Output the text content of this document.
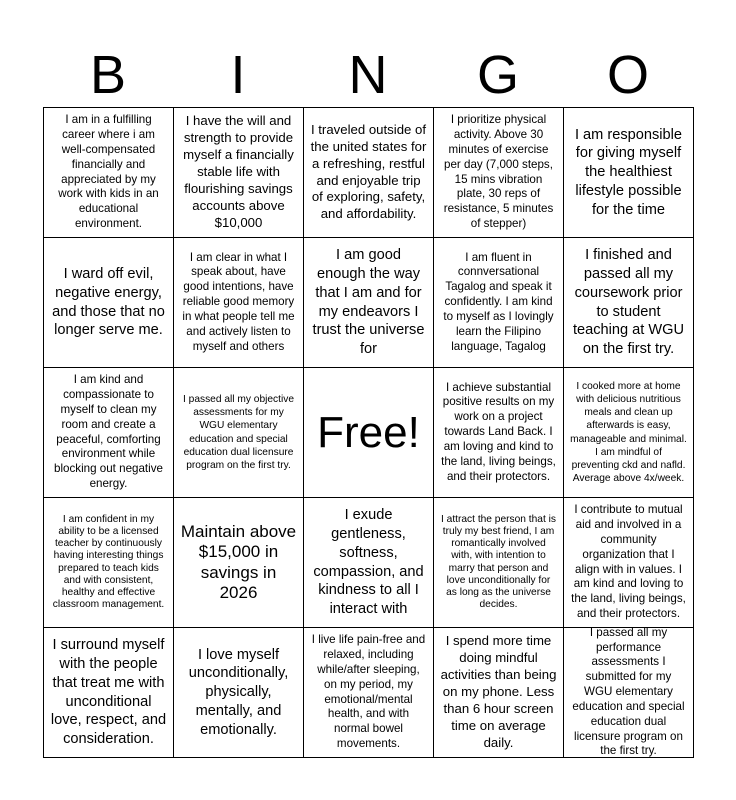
B	I	N	G	O
I am in a fulfilling career where i am well-compensated financially and appreciated by my work with kids in an educational environment.
I have the will and strength to provide myself a financially stable life with flourishing savings accounts above $10,000
I traveled outside of the united states for a refreshing, restful and enjoyable trip of exploring, safety, and affordability.
I prioritize physical activity. Above 30 minutes of exercise per day (7,000 steps, 15 mins vibration plate, 30 reps of resistance, 5 minutes of stepper)
I am responsible for giving myself the healthiest lifestyle possible for the time
I ward off evil, negative energy, and those that no longer serve me.
I am clear in what I speak about, have good intentions, have reliable good memory in what people tell me and actively listen to myself and others
I am good enough the way that I am and for my endeavors I trust the universe for
I am fluent in connversational Tagalog and speak it confidently. I am kind to myself as I lovingly learn the Filipino language, Tagalog
I finished and passed all my coursework prior to student teaching at WGU on the first try.
I am kind and compassionate to myself to clean my room and create a peaceful, comforting environment while blocking out negative energy.
I passed all my objective assessments for my WGU elementary education and special education dual licensure program on the first try.
Free!
I achieve substantial positive results on my work on a project towards Land Back. I am loving and kind to the land, living beings, and their protectors.
I cooked more at home with delicious nutritious meals and clean up afterwards is easy, manageable and minimal. I am mindful of preventing ckd and nafld. Average above 4x/week.
I am confident in my ability to be a licensed teacher by continuously having interesting things prepared to teach kids and with consistent, healthy and effective classroom management.
Maintain above $15,000 in savings in 2026
I exude gentleness, softness, compassion, and kindness to all I interact with
I attract the person that is truly my best friend, I am romantically involved with, with intention to marry that person and love unconditionally for as long as the universe decides.
I contribute to mutual aid and involved in a community organization that I align with in values. I am kind and loving to the land, living beings, and their protectors.
I surround myself with the people that treat me with unconditional love, respect, and consideration.
I love myself unconditionally, physically, mentally, and emotionally.
I live life pain-free and relaxed, including while/after sleeping, on my period, my emotional/mental health, and with normal bowel movements.
I spend more time doing mindful activities than being on my phone. Less than 6 hour screen time on average daily.
I passed all my performance assessments I submitted for my WGU elementary education and special education dual licensure program on the first try.
